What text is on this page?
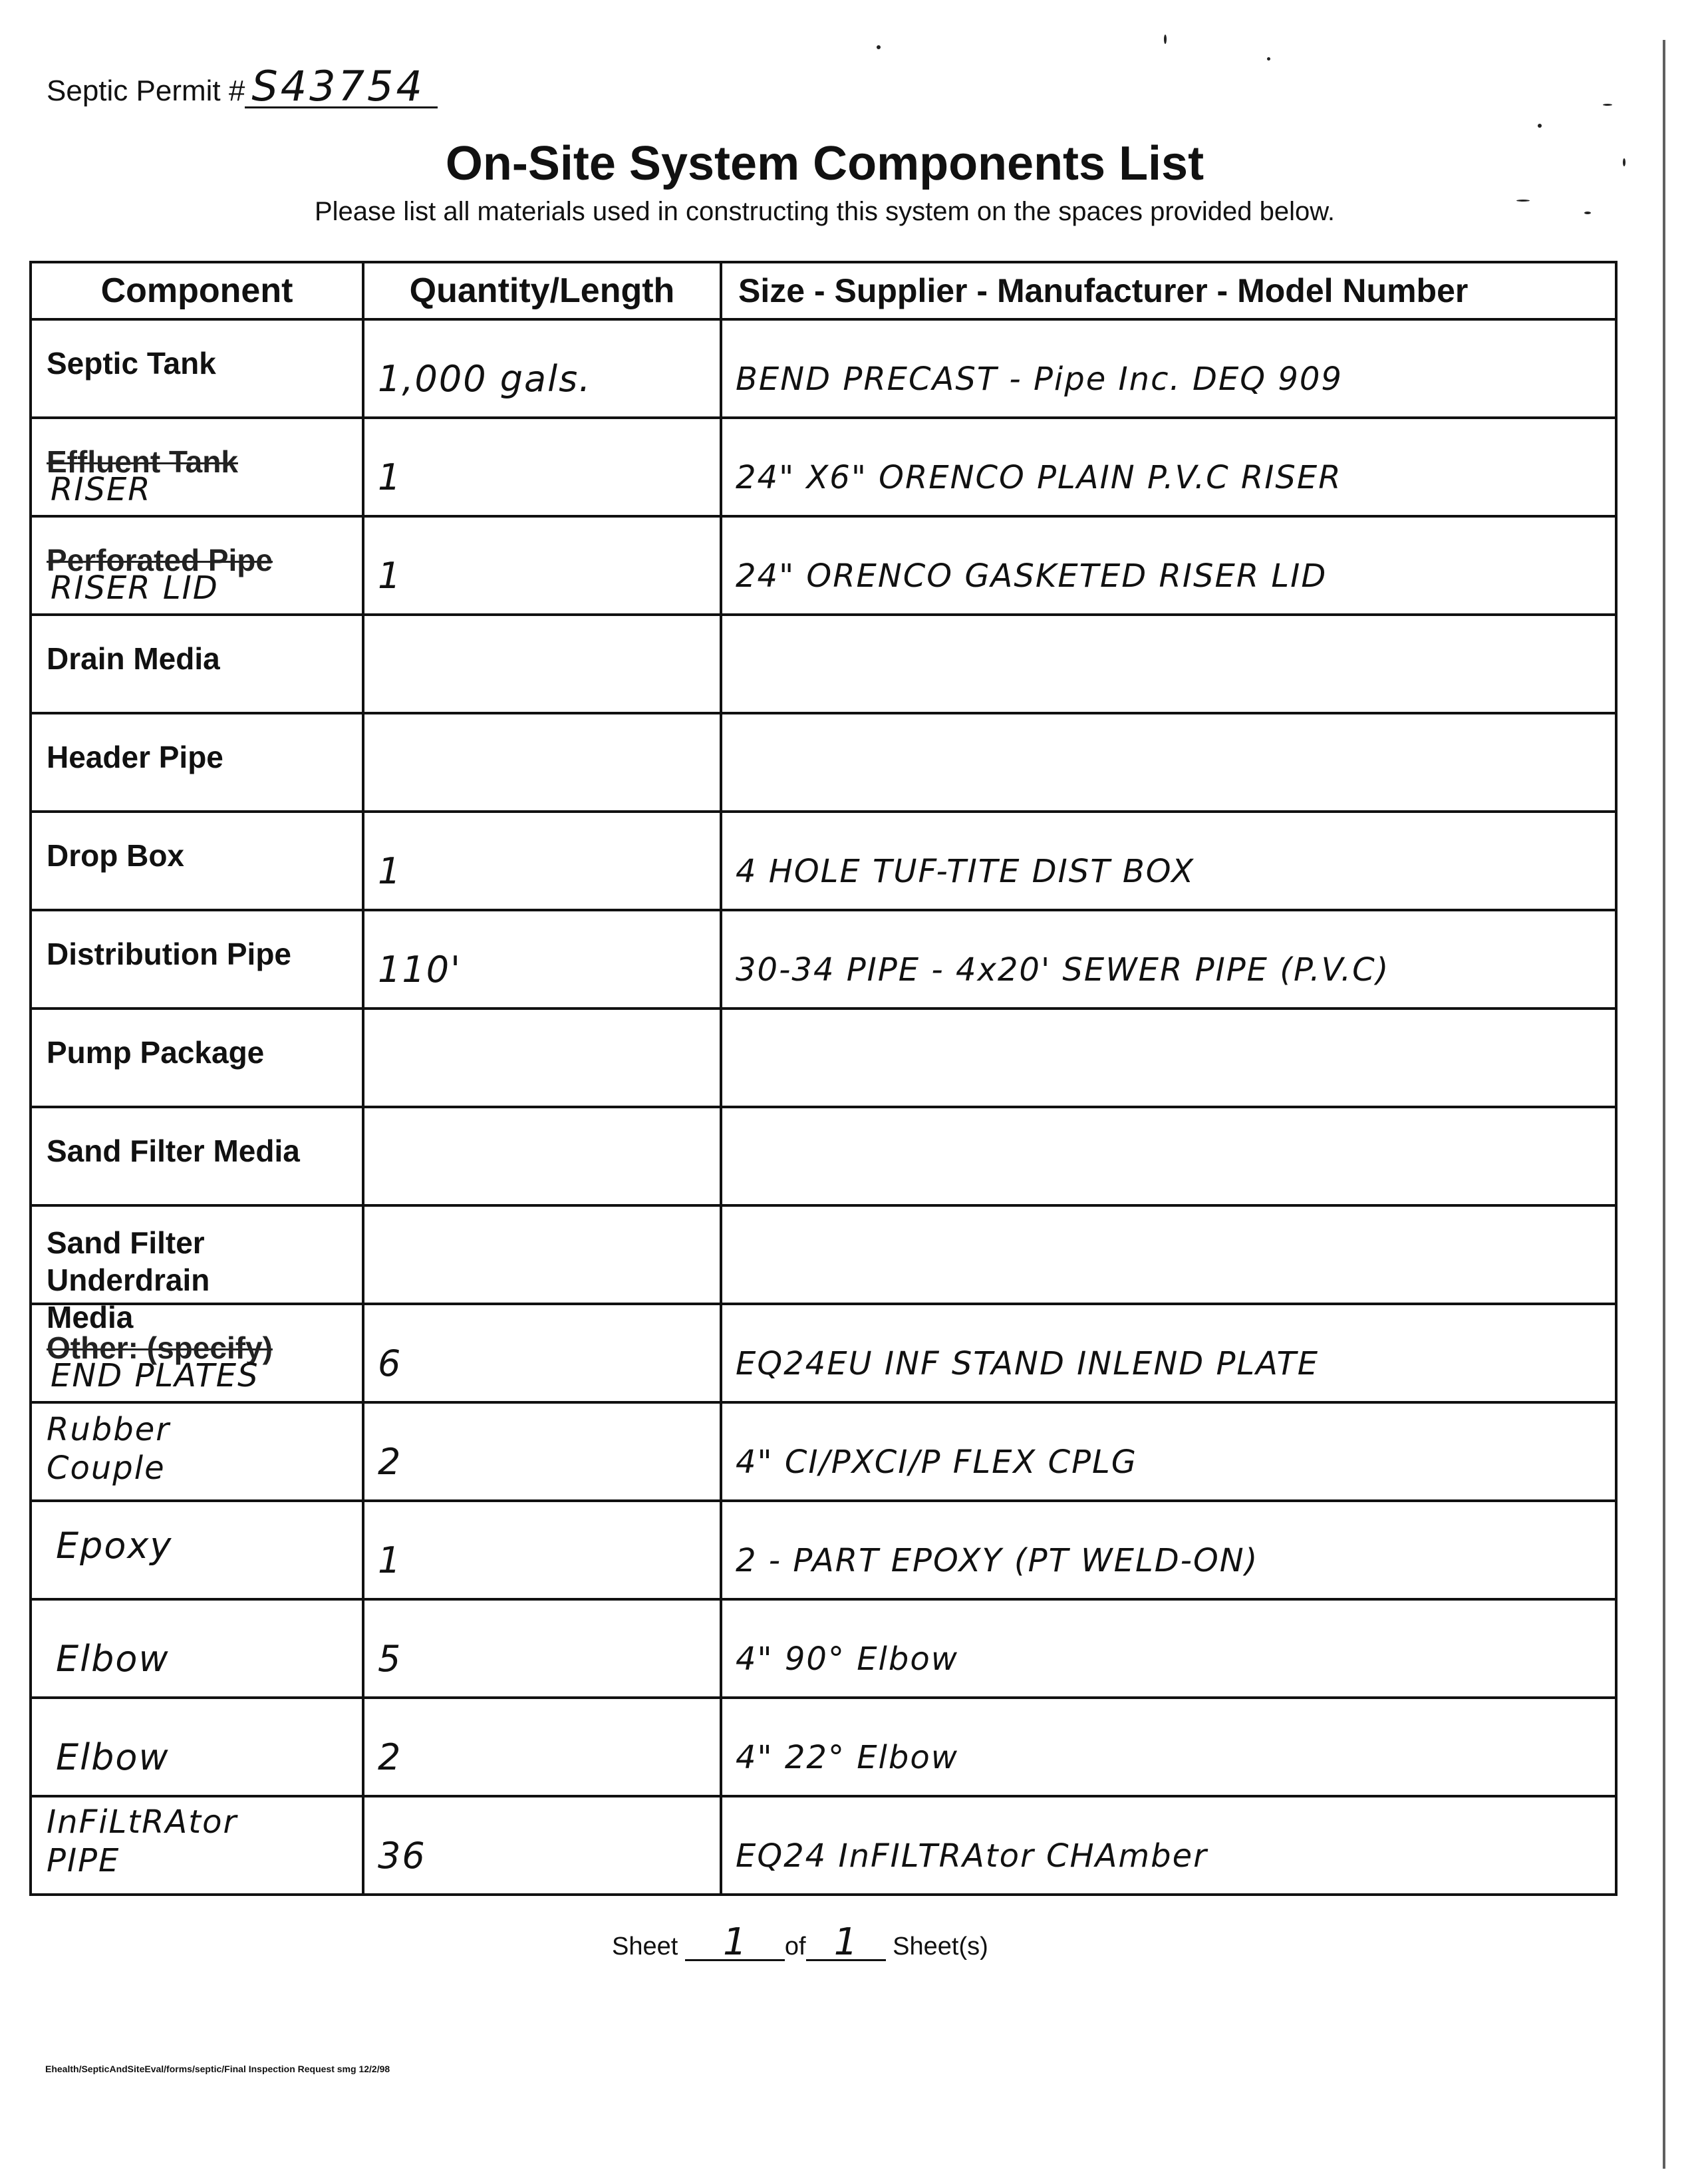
Septic Permit # S43754
On-Site System Components List
Please list all materials used in constructing this system on the spaces provided below.
Component	Quantity/Length	Size - Supplier - Manufacturer - Model Number

Septic Tank	1,000 gals.	BEND PRECAST - Pipe Inc. DEQ 909

Effluent Tank
RISER	1	24" X6" ORENCO PLAIN P.V.C RISER

Perforated Pipe
RISER LID	1	24" ORENCO GASKETED RISER LID

Drain Media		

Header Pipe		

Drop Box	1	4 HOLE TUF-TITE DIST BOX

Distribution Pipe	110'	30-34 PIPE - 4x20' SEWER PIPE (P.V.C)

Pump Package		

Sand Filter Media		

Sand Filter Underdrain Media		

Other: (specify)
END PLATES	6	EQ24EU INF STAND INLEND PLATE

Rubber Couple	2	4" CI/PXCI/P FLEX CPLG

Epoxy	1	2 - PART EPOXY (PT WELD-ON)

Elbow	5	4" 90° Elbow

Elbow	2	4" 22° Elbow

InFiLtRAtor PIPE	36	EQ24 InFILTRAtor CHAmber
Sheet 1 of 1 Sheet(s)
Ehealth/SepticAndSiteEval/forms/septic/Final Inspection Request smg 12/2/98
